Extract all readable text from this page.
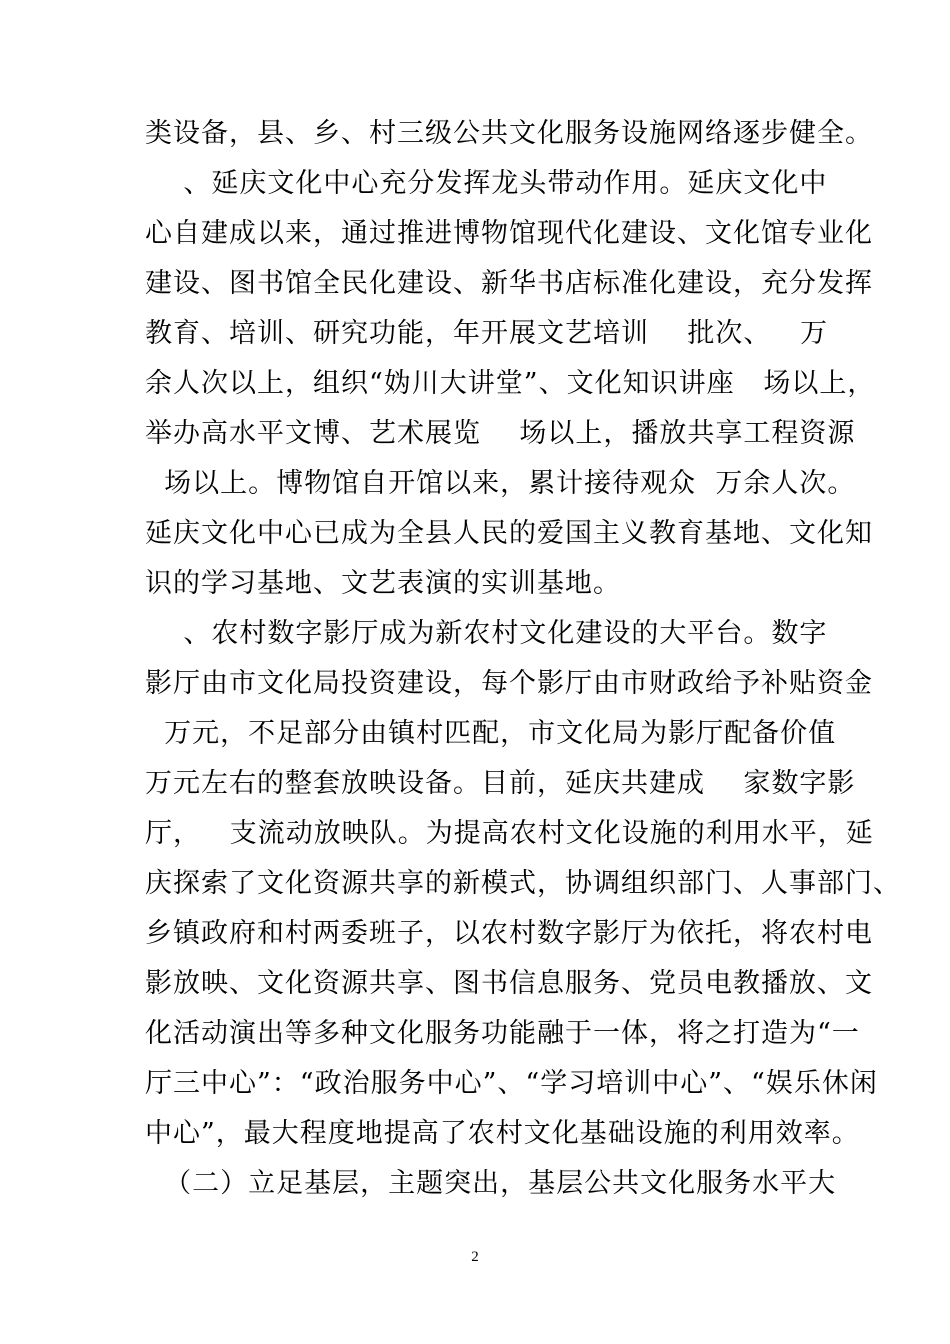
类设备，县、乡、村三级公共文化服务设施网络逐步健全。

、延庆文化中心充分发挥龙头带动作用。延庆文化中

心自建成以来，通过推进博物馆现代化建设、文化馆专业化

建设、图书馆全民化建设、新华书店标准化建设，充分发挥

教育、培训、研究功能，年开展文艺培训    批次、   万

余人次以上，组织“妫川大讲堂”、文化知识讲座   场以上，

举办高水平文博、艺术展览    场以上，播放共享工程资源

场以上。博物馆自开馆以来，累计接待观众  万余人次。

延庆文化中心已成为全县人民的爱国主义教育基地、文化知

识的学习基地、文艺表演的实训基地。

、农村数字影厅成为新农村文化建设的大平台。数字

影厅由市文化局投资建设，每个影厅由市财政给予补贴资金

万元，不足部分由镇村匹配，市文化局为影厅配备价值

万元左右的整套放映设备。目前，延庆共建成    家数字影

厅，   支流动放映队。为提高农村文化设施的利用水平，延

庆探索了文化资源共享的新模式，协调组织部门、人事部门、

乡镇政府和村两委班子，以农村数字影厅为依托，将农村电

影放映、文化资源共享、图书信息服务、党员电教播放、文

化活动演出等多种文化服务功能融于一体，将之打造为“一

厅三中心”：“政治服务中心”、“学习培训中心”、“娱乐休闲

中心”，最大程度地提高了农村文化基础设施的利用效率。

（二）立足基层，主题突出，基层公共文化服务水平大

2
